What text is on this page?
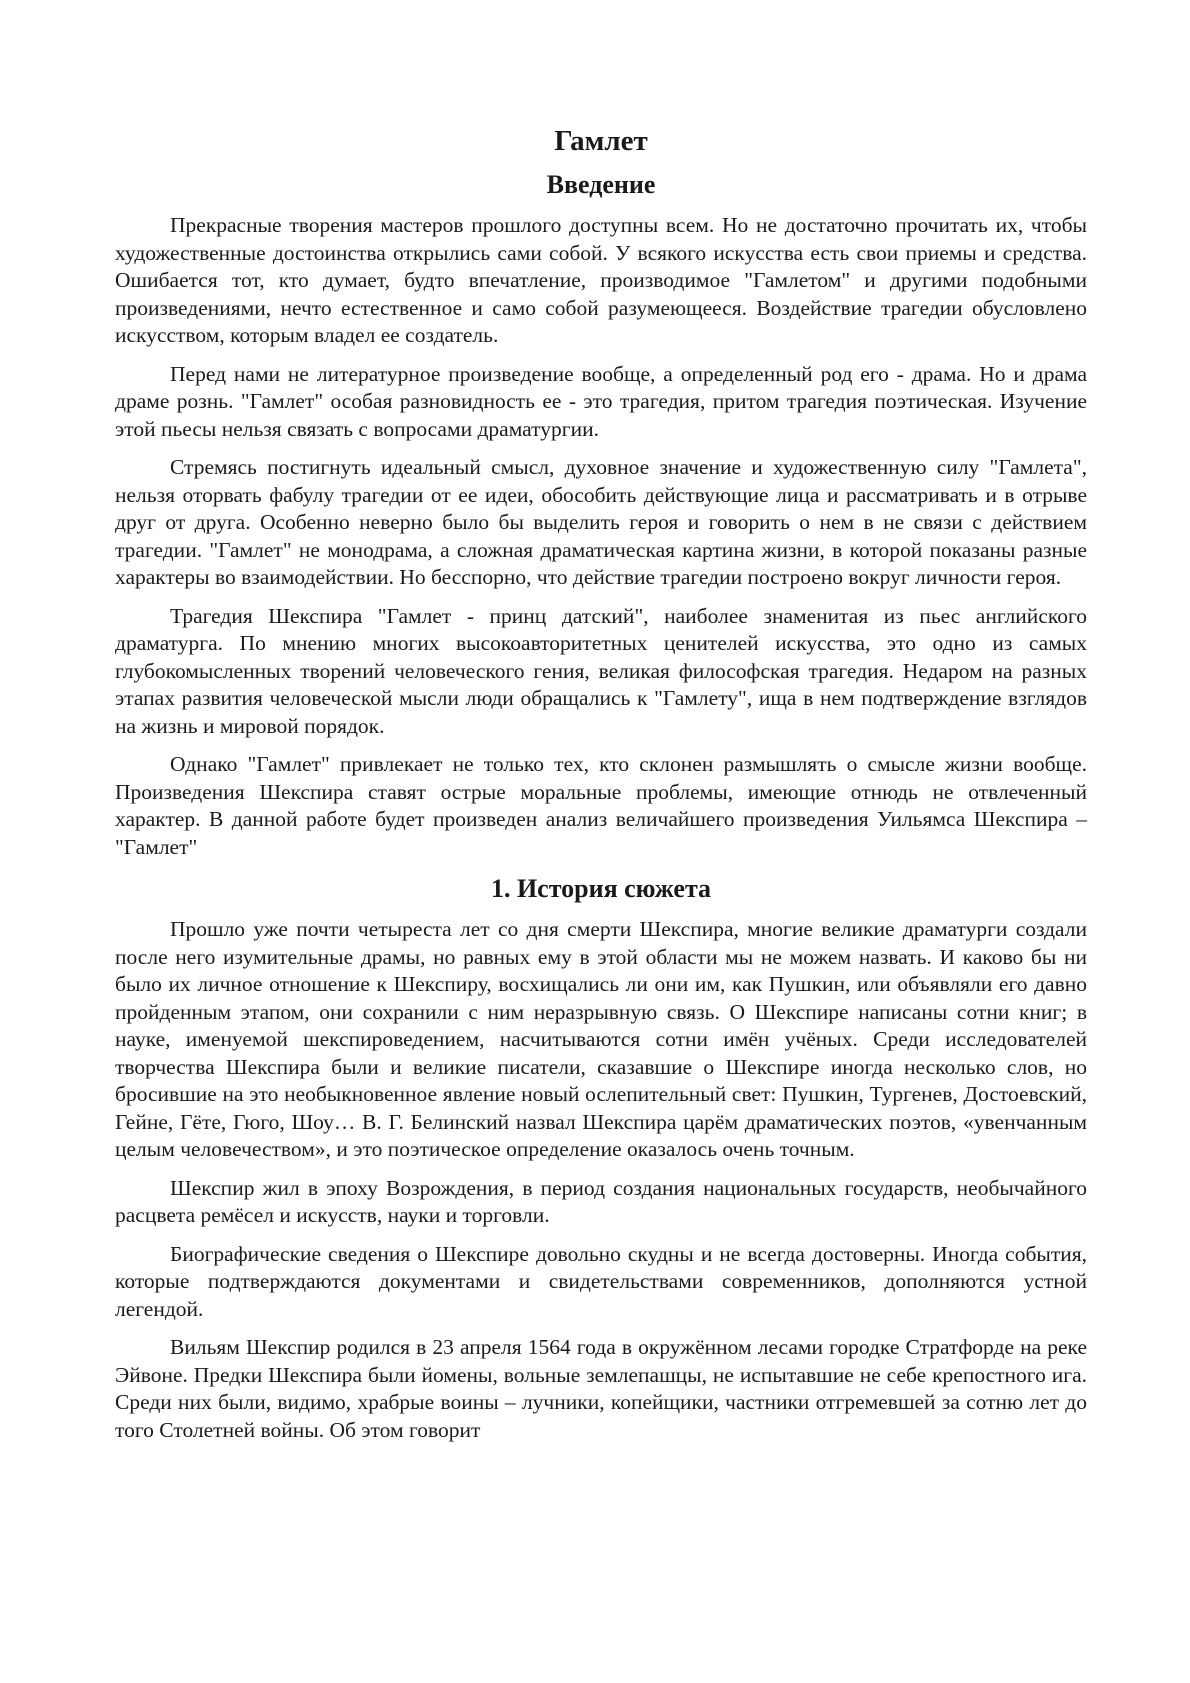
Гамлет
Введение

Прекрасные творения мастеров прошлого доступны всем. Но не достаточно прочитать их, чтобы художественные достоинства открылись сами собой. У всякого искусства есть свои приемы и средства. Ошибается тот, кто думает, будто впечатление, производимое "Гамлетом" и другими подобными произведениями, нечто естественное и само собой разумеющееся. Воздействие трагедии обусловлено искусством, которым владел ее создатель.

Перед нами не литературное произведение вообще, а определенный род его - драма. Но и драма драме рознь. "Гамлет" особая разновидность ее - это трагедия, притом трагедия поэтическая. Изучение этой пьесы нельзя связать с вопросами драматургии.

Стремясь постигнуть идеальный смысл, духовное значение и художественную силу "Гамлета", нельзя оторвать фабулу трагедии от ее идеи, обособить действующие лица и рассматривать и в отрыве друг от друга. Особенно неверно было бы выделить героя и говорить о нем в не связи с действием трагедии. "Гамлет" не монодрама, а сложная драматическая картина жизни, в которой показаны разные характеры во взаимодействии. Но бесспорно, что действие трагедии построено вокруг личности героя.

Трагедия Шекспира "Гамлет - принц датский", наиболее знаменитая из пьес английского драматурга. По мнению многих высокоавторитетных ценителей искусства, это одно из самых глубокомысленных творений человеческого гения, великая философская трагедия. Недаром на разных этапах развития человеческой мысли люди обращались к "Гамлету", ища в нем подтверждение взглядов на жизнь и мировой порядок.

Однако "Гамлет" привлекает не только тех, кто склонен размышлять о смысле жизни вообще. Произведения Шекспира ставят острые моральные проблемы, имеющие отнюдь не отвлеченный характер. В данной работе будет произведен анализ величайшего произведения Уильямса Шекспира – "Гамлет"

1. История сюжета

Прошло уже почти четыреста лет со дня смерти Шекспира, многие великие драматурги создали после него изумительные драмы, но равных ему в этой области мы не можем назвать. И каково бы ни было их личное отношение к Шекспиру, восхищались ли они им, как Пушкин, или объявляли его давно пройденным этапом, они сохранили с ним неразрывную связь. О Шекспире написаны сотни книг; в науке, именуемой шекспироведением, насчитываются сотни имён учёных. Среди исследователей творчества Шекспира были и великие писатели, сказавшие о Шекспире иногда несколько слов, но бросившие на это необыкновенное явление новый ослепительный свет: Пушкин, Тургенев, Достоевский, Гейне, Гёте, Гюго, Шоу… В. Г. Белинский назвал Шекспира царём драматических поэтов, «увенчанным целым человечеством», и это поэтическое определение оказалось очень точным.

Шекспир жил в эпоху Возрождения, в период создания национальных государств, необычайного расцвета ремёсел и искусств, науки и торговли.

Биографические сведения о Шекспире довольно скудны и не всегда достоверны. Иногда события, которые подтверждаются документами и свидетельствами современников, дополняются устной легендой.

Вильям Шекспир родился в 23 апреля 1564 года в окружённом лесами городке Стратфорде на реке Эйвоне. Предки Шекспира были йомены, вольные землепашцы, не испытавшие не себе крепостного ига. Среди них были, видимо, храбрые воины – лучники, копейщики, частники отгремевшей за сотню лет до того Столетней войны. Об этом говорит
